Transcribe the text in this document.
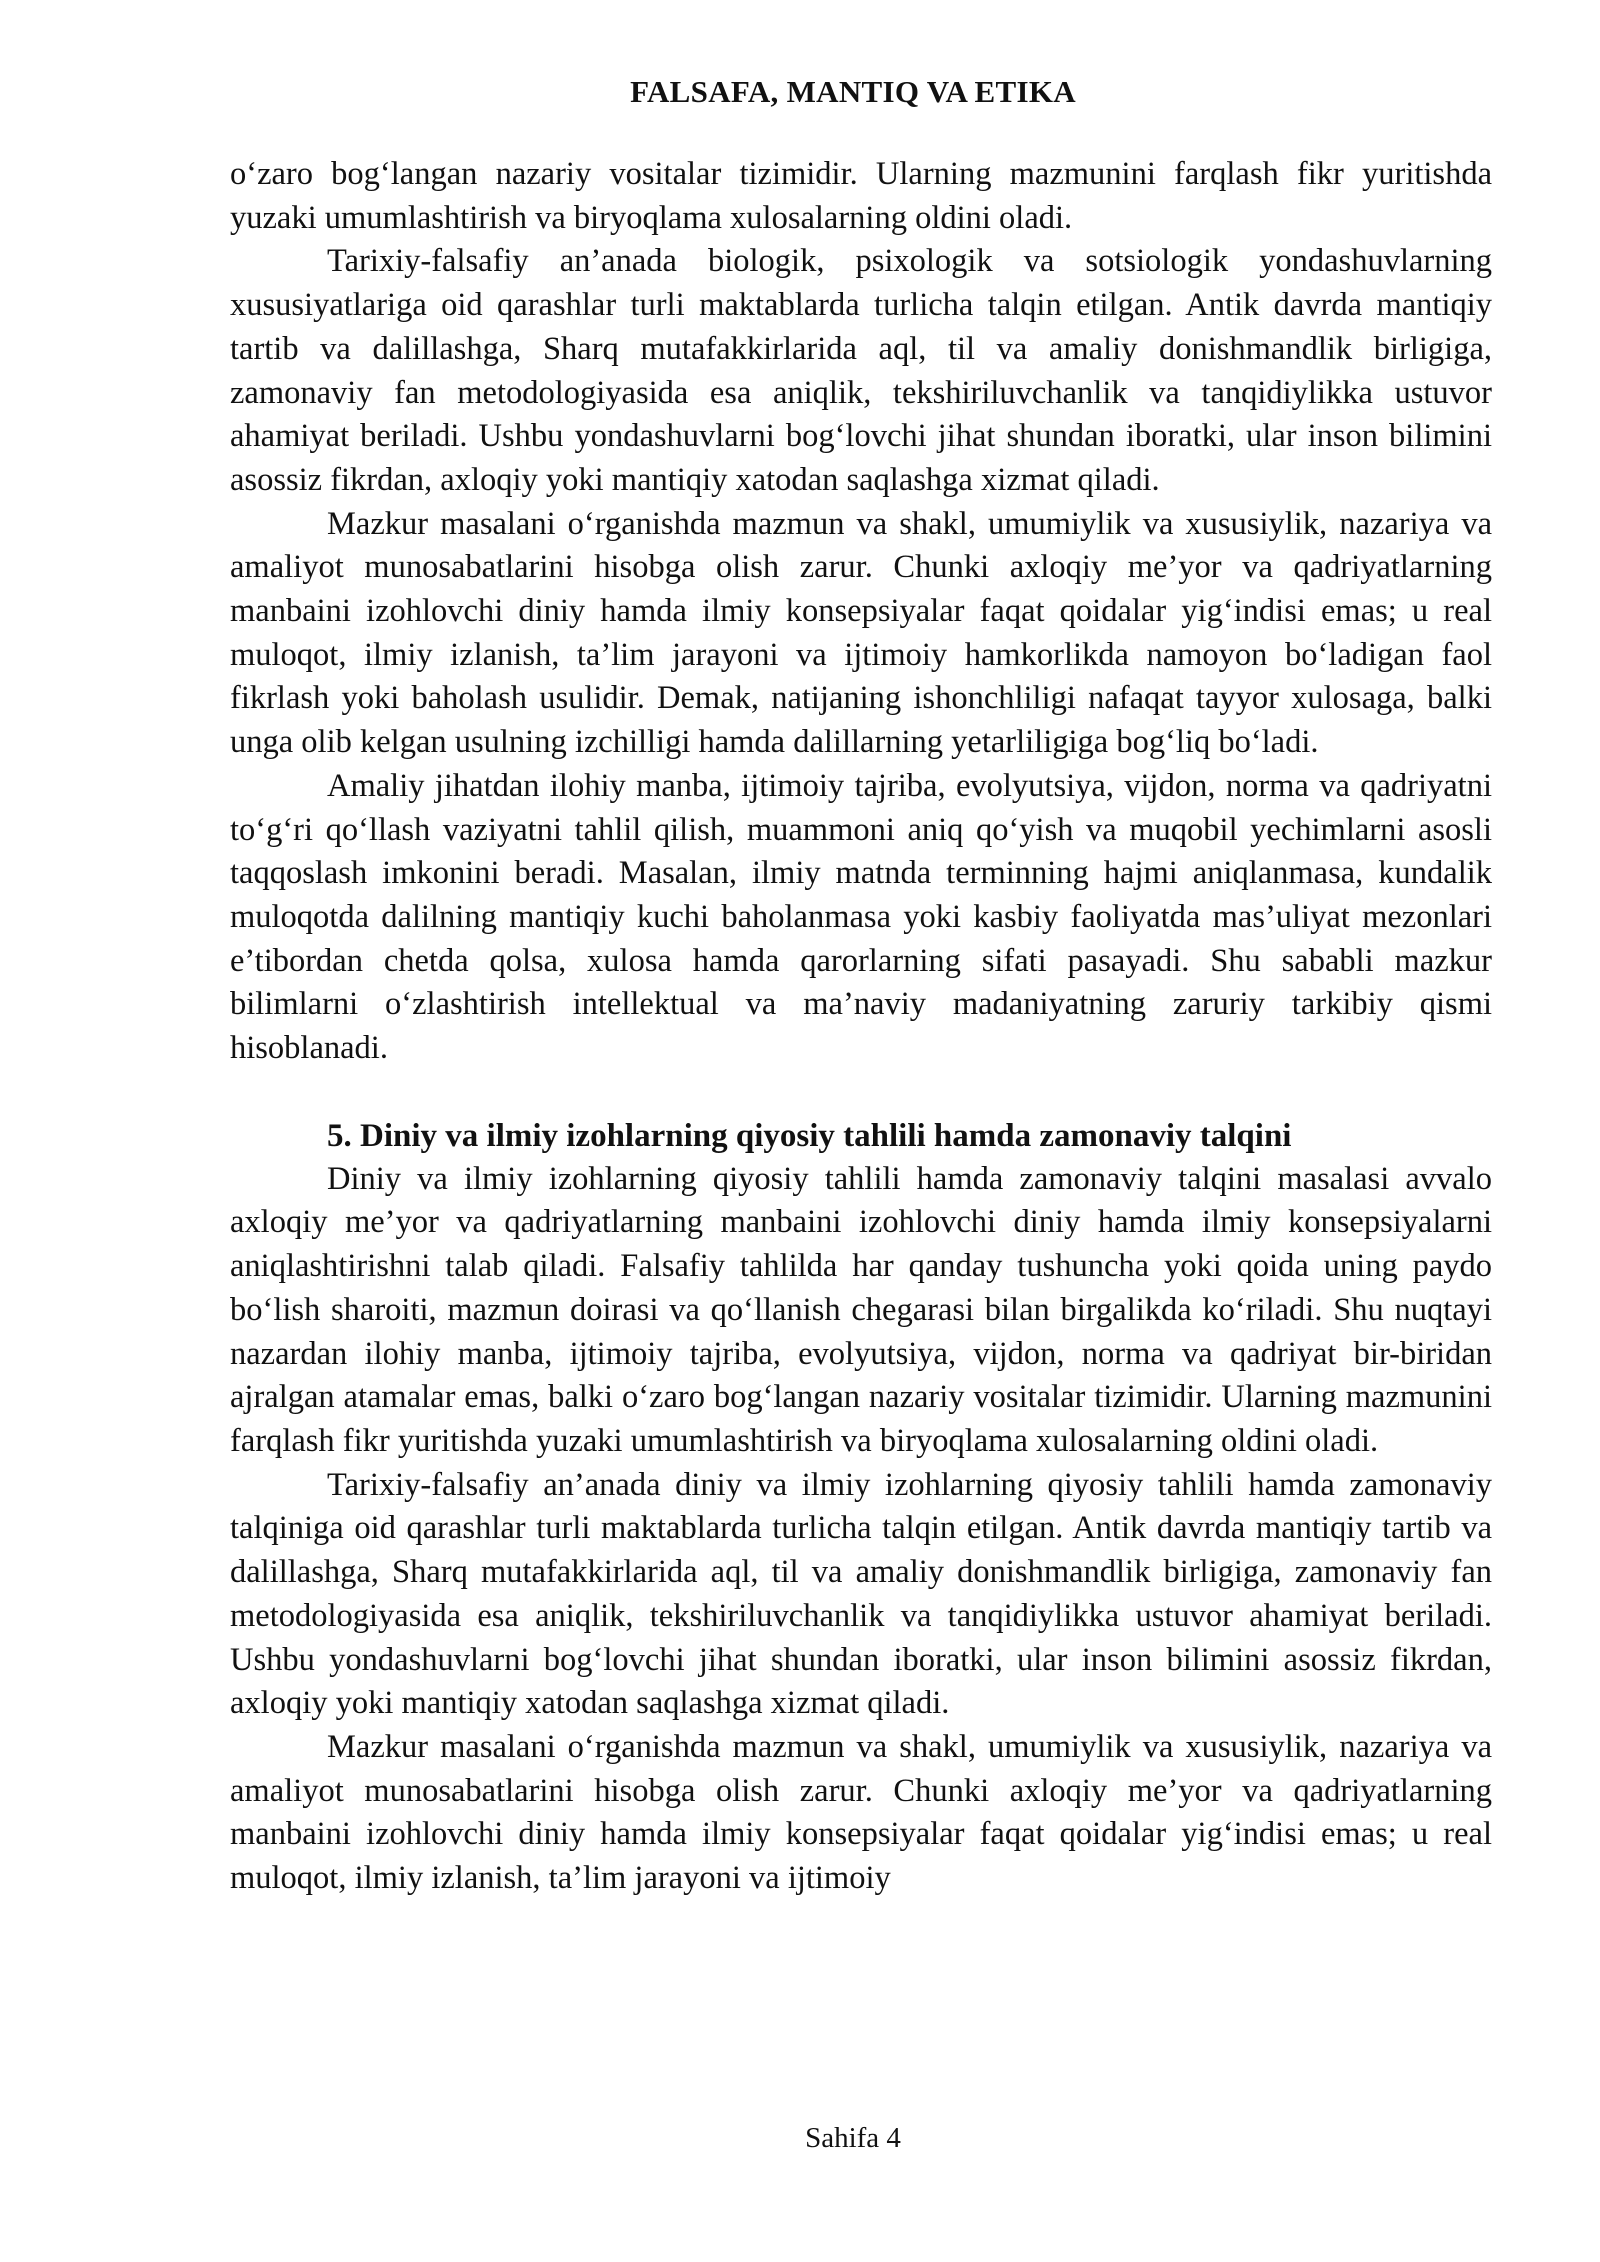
FALSAFA, MANTIQ VA ETIKA

o‘zaro bog‘langan nazariy vositalar tizimidir. Ularning mazmunini farqlash fikr yuritishda yuzaki umumlashtirish va biryoqlama xulosalarning oldini oladi.

Tarixiy-falsafiy an’anada biologik, psixologik va sotsiologik yondashuvlarning xususiyatlariga oid qarashlar turli maktablarda turlicha talqin etilgan. Antik davrda mantiqiy tartib va dalillashga, Sharq mutafakkirlarida aql, til va amaliy donishmandlik birligiga, zamonaviy fan metodologiyasida esa aniqlik, tekshiriluvchanlik va tanqidiylikka ustuvor ahamiyat beriladi. Ushbu yondashuvlarni bog‘lovchi jihat shundan iboratki, ular inson bilimini asossiz fikrdan, axloqiy yoki mantiqiy xatodan saqlashga xizmat qiladi.

Mazkur masalani o‘rganishda mazmun va shakl, umumiylik va xususiylik, nazariya va amaliyot munosabatlarini hisobga olish zarur. Chunki axloqiy me’yor va qadriyatlarning manbaini izohlovchi diniy hamda ilmiy konsepsiyalar faqat qoidalar yig‘indisi emas; u real muloqot, ilmiy izlanish, ta’lim jarayoni va ijtimoiy hamkorlikda namoyon bo‘ladigan faol fikrlash yoki baholash usulidir. Demak, natijaning ishonchliligi nafaqat tayyor xulosaga, balki unga olib kelgan usulning izchilligi hamda dalillarning yetarliligiga bog‘liq bo‘ladi.

Amaliy jihatdan ilohiy manba, ijtimoiy tajriba, evolyutsiya, vijdon, norma va qadriyatni to‘g‘ri qo‘llash vaziyatni tahlil qilish, muammoni aniq qo‘yish va muqobil yechimlarni asosli taqqoslash imkonini beradi. Masalan, ilmiy matnda terminning hajmi aniqlanmasa, kundalik muloqotda dalilning mantiqiy kuchi baholanmasa yoki kasbiy faoliyatda mas’uliyat mezonlari e’tibordan chetda qolsa, xulosa hamda qarorlarning sifati pasayadi. Shu sababli mazkur bilimlarni o‘zlashtirish intellektual va ma’naviy madaniyatning zaruriy tarkibiy qismi hisoblanadi.

5. Diniy va ilmiy izohlarning qiyosiy tahlili hamda zamonaviy talqini

Diniy va ilmiy izohlarning qiyosiy tahlili hamda zamonaviy talqini masalasi avvalo axloqiy me’yor va qadriyatlarning manbaini izohlovchi diniy hamda ilmiy konsepsiyalarni aniqlashtirishni talab qiladi. Falsafiy tahlilda har qanday tushuncha yoki qoida uning paydo bo‘lish sharoiti, mazmun doirasi va qo‘llanish chegarasi bilan birgalikda ko‘riladi. Shu nuqtayi nazardan ilohiy manba, ijtimoiy tajriba, evolyutsiya, vijdon, norma va qadriyat bir-biridan ajralgan atamalar emas, balki o‘zaro bog‘langan nazariy vositalar tizimidir. Ularning mazmunini farqlash fikr yuritishda yuzaki umumlashtirish va biryoqlama xulosalarning oldini oladi.

Tarixiy-falsafiy an’anada diniy va ilmiy izohlarning qiyosiy tahlili hamda zamonaviy talqiniga oid qarashlar turli maktablarda turlicha talqin etilgan. Antik davrda mantiqiy tartib va dalillashga, Sharq mutafakkirlarida aql, til va amaliy donishmandlik birligiga, zamonaviy fan metodologiyasida esa aniqlik, tekshiriluvchanlik va tanqidiylikka ustuvor ahamiyat beriladi. Ushbu yondashuvlarni bog‘lovchi jihat shundan iboratki, ular inson bilimini asossiz fikrdan, axloqiy yoki mantiqiy xatodan saqlashga xizmat qiladi.

Mazkur masalani o‘rganishda mazmun va shakl, umumiylik va xususiylik, nazariya va amaliyot munosabatlarini hisobga olish zarur. Chunki axloqiy me’yor va qadriyatlarning manbaini izohlovchi diniy hamda ilmiy konsepsiyalar faqat qoidalar yig‘indisi emas; u real muloqot, ilmiy izlanish, ta’lim jarayoni va ijtimoiy

Sahifa 4
